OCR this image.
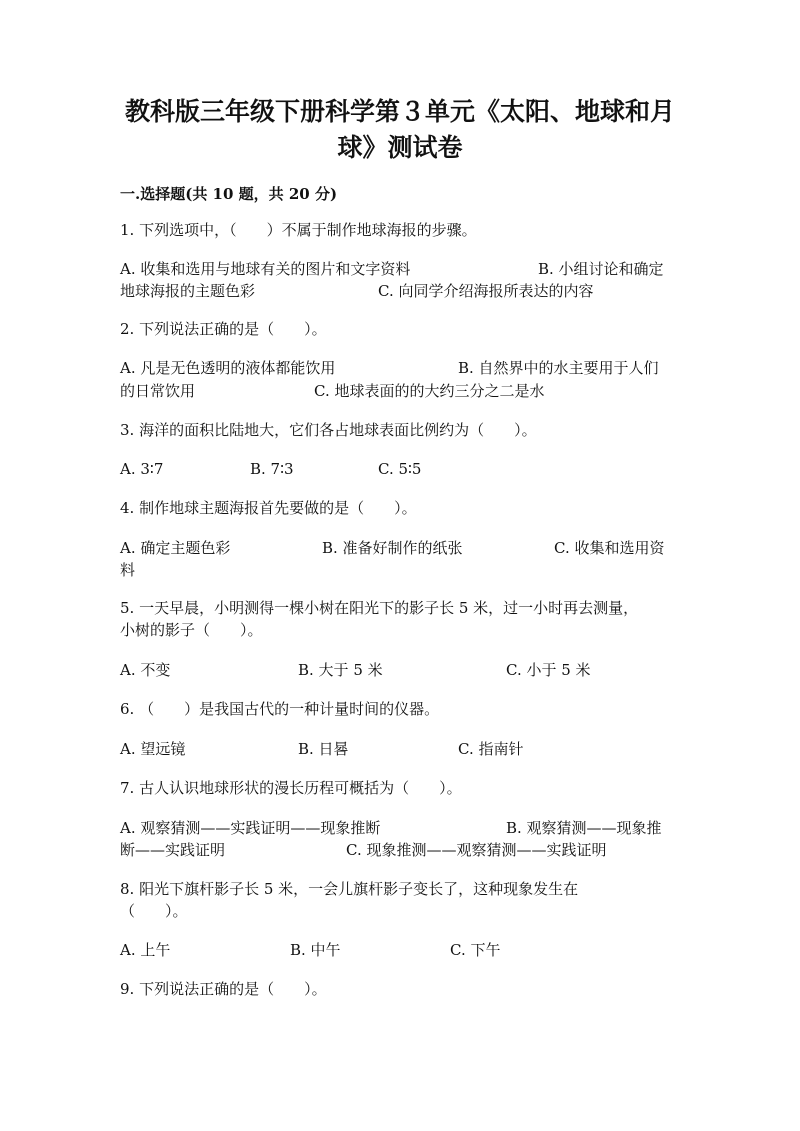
教科版三年级下册科学第３单元《太阳、地球和月
球》测试卷
一.选择题(共 10 题，共 20 分)
1. 下列选项中，（　　）不属于制作地球海报的步骤。
A. 收集和选用与地球有关的图片和文字资料	B. 小组讨论和确定
地球海报的主题色彩	C. 向同学介绍海报所表达的内容
2. 下列说法正确的是（　　）。
A. 凡是无色透明的液体都能饮用	B. 自然界中的水主要用于人们
的日常饮用	C. 地球表面的的大约三分之二是水
3. 海洋的面积比陆地大，它们各占地球表面比例约为（　　）。
A. 3∶7	B. 7∶3	C. 5∶5
4. 制作地球主题海报首先要做的是（　　）。
A. 确定主题色彩	B. 准备好制作的纸张	C. 收集和选用资
料
5. 一天早晨，小明测得一棵小树在阳光下的影子长 5 米，过一小时再去测量，
小树的影子（　　）。
A. 不变	B. 大于 5 米	C. 小于 5 米
6. （　　）是我国古代的一种计量时间的仪器。
A. 望远镜	B. 日晷	C. 指南针
7. 古人认识地球形状的漫长历程可概括为（　　）。
A. 观察猜测——实践证明——现象推断	B. 观察猜测——现象推
断——实践证明	C. 现象推测——观察猜测——实践证明
8. 阳光下旗杆影子长 5 米，一会儿旗杆影子变长了，这种现象发生在
（　　）。
A. 上午	B. 中午	C. 下午
9. 下列说法正确的是（　　）。
